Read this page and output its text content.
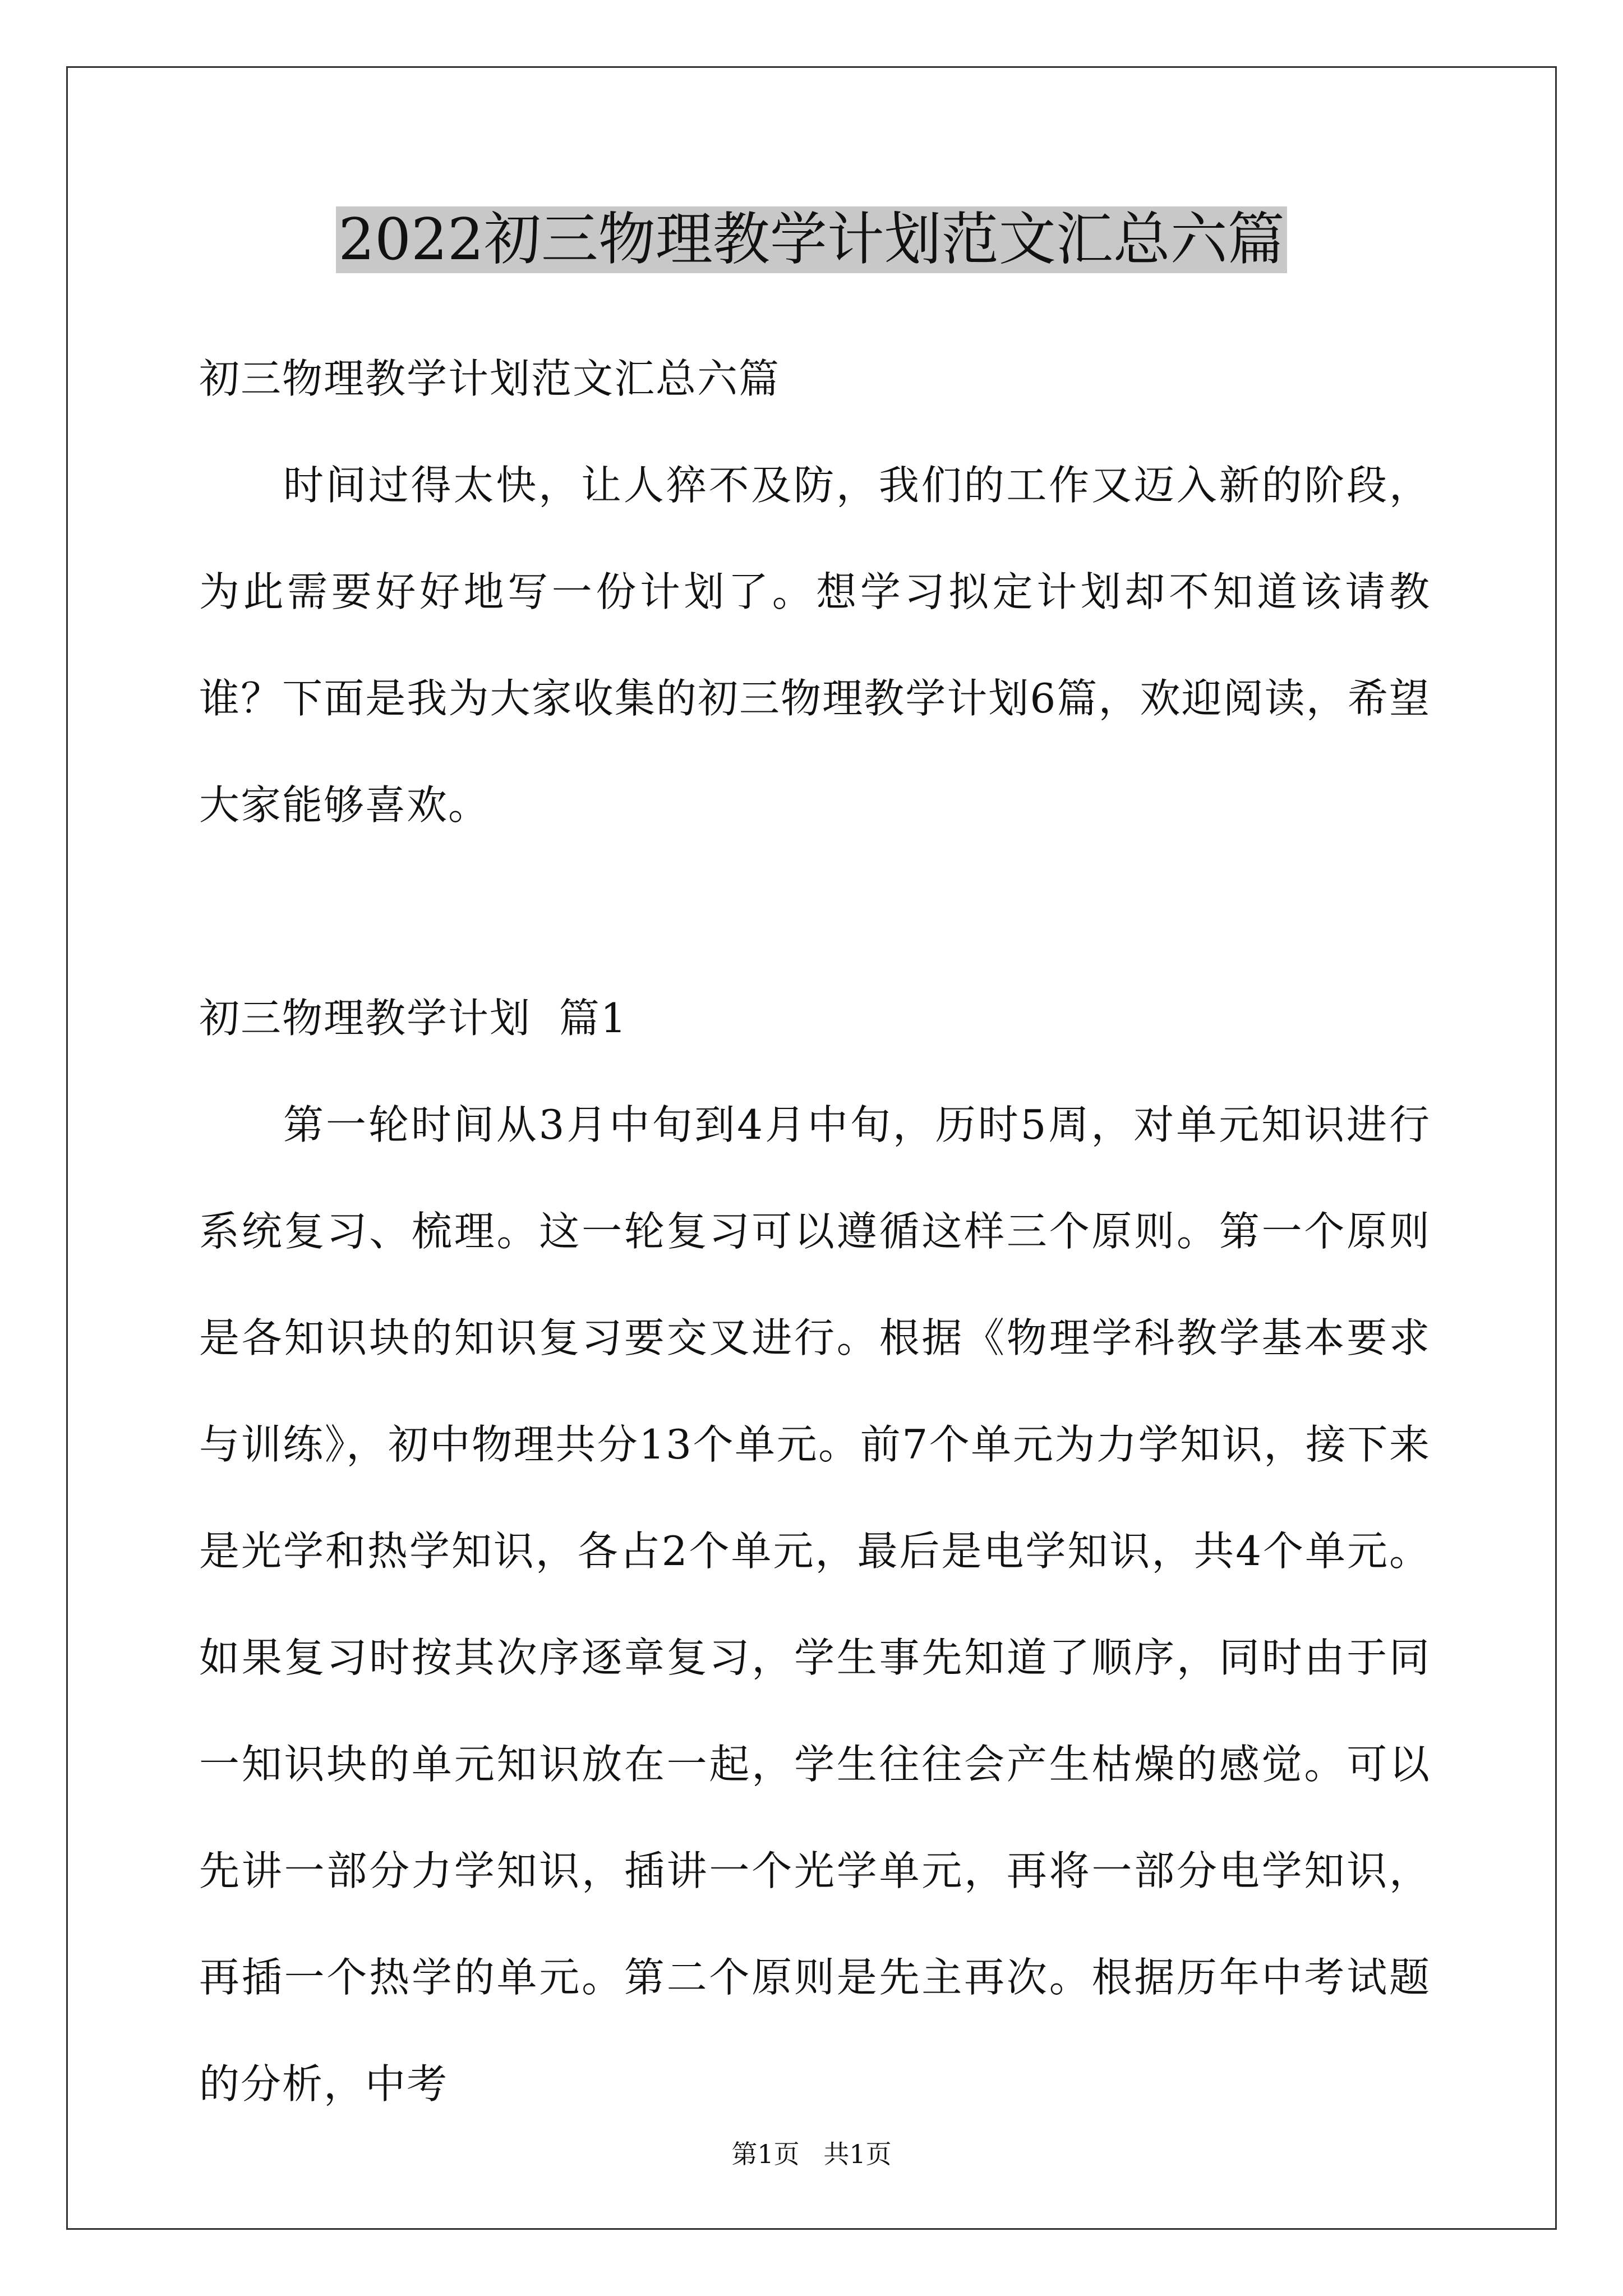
2022初三物理教学计划范文汇总六篇

初三物理教学计划范文汇总六篇

时间过得太快，让人猝不及防，我们的工作又迈入新的阶段，为此需要好好地写一份计划了。想学习拟定计划却不知道该请教谁？下面是我为大家收集的初三物理教学计划6篇，欢迎阅读，希望大家能够喜欢。

初三物理教学计划  篇1

第一轮时间从3月中旬到4月中旬，历时5周，对单元知识进行系统复习、梳理。这一轮复习可以遵循这样三个原则。第一个原则是各知识块的知识复习要交叉进行。根据《物理学科教学基本要求与训练》，初中物理共分13个单元。前7个单元为力学知识，接下来是光学和热学知识，各占2个单元，最后是电学知识，共4个单元。如果复习时按其次序逐章复习，学生事先知道了顺序，同时由于同一知识块的单元知识放在一起，学生往往会产生枯燥的感觉。可以先讲一部分力学知识，插讲一个光学单元，再将一部分电学知识，再插一个热学的单元。第二个原则是先主再次。根据历年中考试题的分析，中考

第1页 共1页
